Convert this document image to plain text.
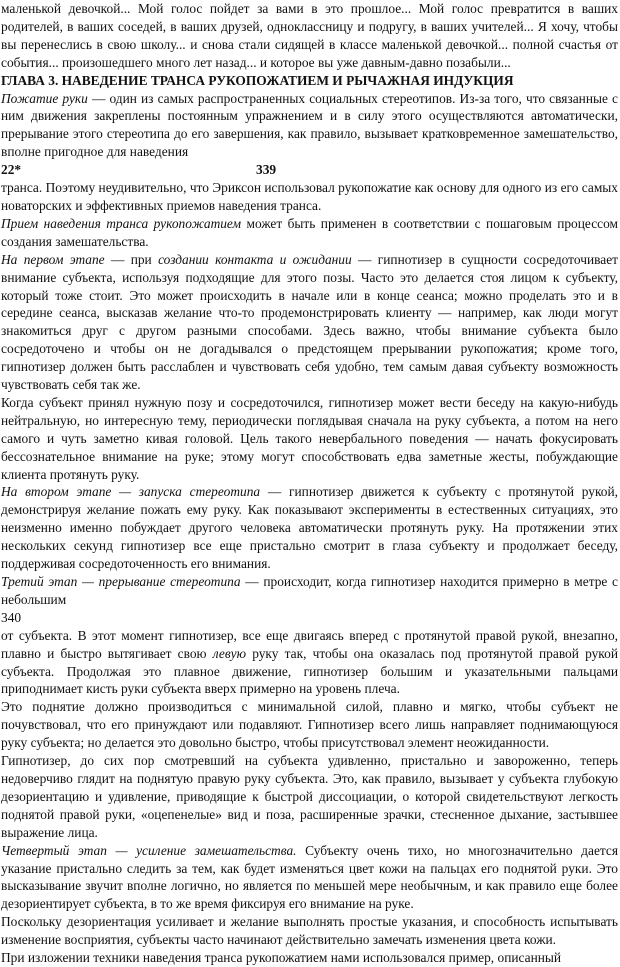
маленькой девочкой... Мой голос пойдет за вами в это прошлое... Мой голос превратится в ваших родителей, в ваших соседей, в ваших друзей, одноклассницу и подругу, в ваших учителей... Я хочу, чтобы вы перенеслись в свою школу... и снова стали сидящей в классе маленькой девочкой... полной счастья от события... произошедшего много лет назад... и которое вы уже давным-давно позабыли...

ГЛАВА 3. НАВЕДЕНИЕ ТРАНСА РУКОПОЖАТИЕМ И РЫЧАЖНАЯ ИНДУКЦИЯ

Пожатие руки — один из самых распространенных социальных стереотипов. Из-за того, что связанные с ним движения закреплены постоянным упражнением и в силу этого осуществляются автоматически, прерывание этого стереотипа до его завершения, как правило, вызывает кратковременное замешательство, вполне пригодное для наведения

22*	339

транса. Поэтому неудивительно, что Эриксон использовал рукопожатие как основу для одного из его самых новаторских и эффективных приемов наведения транса.

Прием наведения транса рукопожатием может быть применен в соответствии с пошаговым процессом создания замешательства.

На первом этапе — при создании контакта и ожидании — гипнотизер в сущности сосредоточивает внимание субъекта, используя подходящие для этого позы. Часто это делается стоя лицом к субъекту, который тоже стоит. Это может происходить в начале или в конце сеанса; можно проделать это и в середине сеанса, высказав желание что-то продемонстрировать клиенту — например, как люди могут знакомиться друг с другом разными способами. Здесь важно, чтобы внимание субъекта было сосредоточено и чтобы он не догадывался о предстоящем прерывании рукопожатия; кроме того, гипнотизер должен быть расслаблен и чувствовать себя удобно, тем самым давая субъекту возможность чувствовать себя так же.

Когда субъект принял нужную позу и сосредоточился, гипнотизер может вести беседу на какую-нибудь нейтральную, но интересную тему, периодически поглядывая сначала на руку субъекта, а потом на него самого и чуть заметно кивая головой. Цель такого невербального поведения — начать фокусировать бессознательное внимание на руке; этому могут способствовать едва заметные жесты, побуждающие клиента протянуть руку.

На втором этапе — запуска стереотипа — гипнотизер движется к субъекту с протянутой рукой, демонстрируя желание пожать ему руку. Как показывают эксперименты в естественных ситуациях, это неизменно именно побуждает другого человека автоматически протянуть руку. На протяжении этих нескольких секунд гипнотизер все еще пристально смотрит в глаза субъекту и продолжает беседу, поддерживая сосредоточенность его внимания.

Третий этап — прерывание стереотипа — происходит, когда гипнотизер находится примерно в метре с небольшим

340

от субъекта. В этот момент гипнотизер, все еще двигаясь вперед с протянутой правой рукой, внезапно, плавно и быстро вытягивает свою левую руку так, чтобы она оказалась под протянутой правой рукой субъекта. Продолжая это плавное движение, гипнотизер большим и указательными пальцами приподнимает кисть руки субъекта вверх примерно на уровень плеча.

Это поднятие должно производиться с минимальной силой, плавно и мягко, чтобы субъект не почувствовал, что его принуждают или подавляют. Гипнотизер всего лишь направляет поднимающуюся руку субъекта; но делается это довольно быстро, чтобы присутствовал элемент неожиданности.

Гипнотизер, до сих пор смотревший на субъекта удивленно, пристально и завороженно, теперь недоверчиво глядит на поднятую правую руку субъекта. Это, как правило, вызывает у субъекта глубокую дезориентацию и удивление, приводящие к быстрой диссоциации, о которой свидетельствуют легкость поднятой правой руки, «оцепенелые» вид и поза, расширенные зрачки, стесненное дыхание, застывшее выражение лица.

Четвертый этап — усиление замешательства. Субъекту очень тихо, но многозначительно дается указание пристально следить за тем, как будет изменяться цвет кожи на пальцах его поднятой руки. Это высказывание звучит вполне логично, но является по меньшей мере необычным, и как правило еще более дезориентирует субъекта, в то же время фиксируя его внимание на руке.

Поскольку дезориентация усиливает и желание выполнять простые указания, и способность испытывать изменение восприятия, субъекты часто начинают действительно замечать изменения цвета кожи.

При изложении техники наведения транса рукопожатием нами использовался пример, описанный
